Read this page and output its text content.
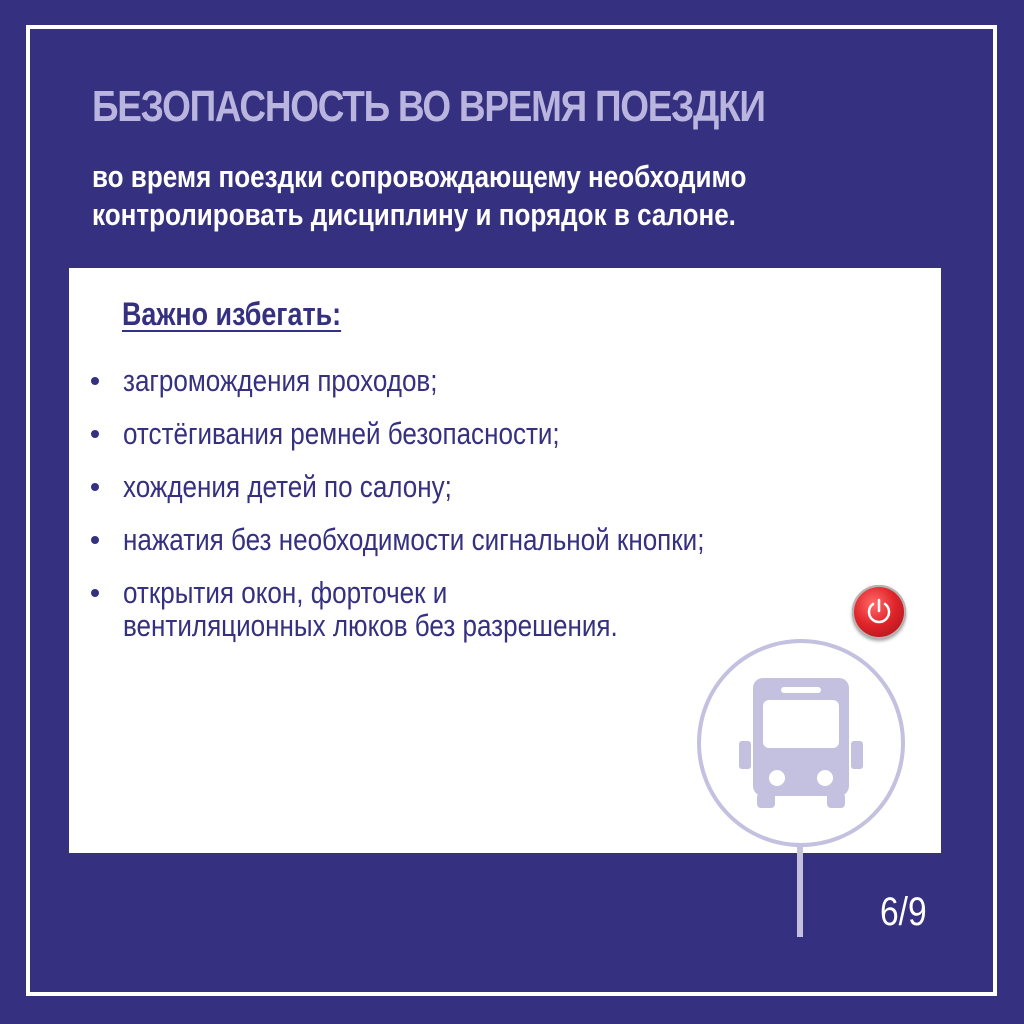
БЕЗОПАСНОСТЬ ВО ВРЕМЯ ПОЕЗДКИ

во время поездки сопровождающему необходимо контролировать дисциплину и порядок в салоне.

Важно избегать:
загромождения проходов;
отстёгивания ремней безопасности;
хождения детей по салону;
нажатия без необходимости сигнальной кнопки;
открытия окон, форточек и вентиляционных люков без разрешения.
6/9
